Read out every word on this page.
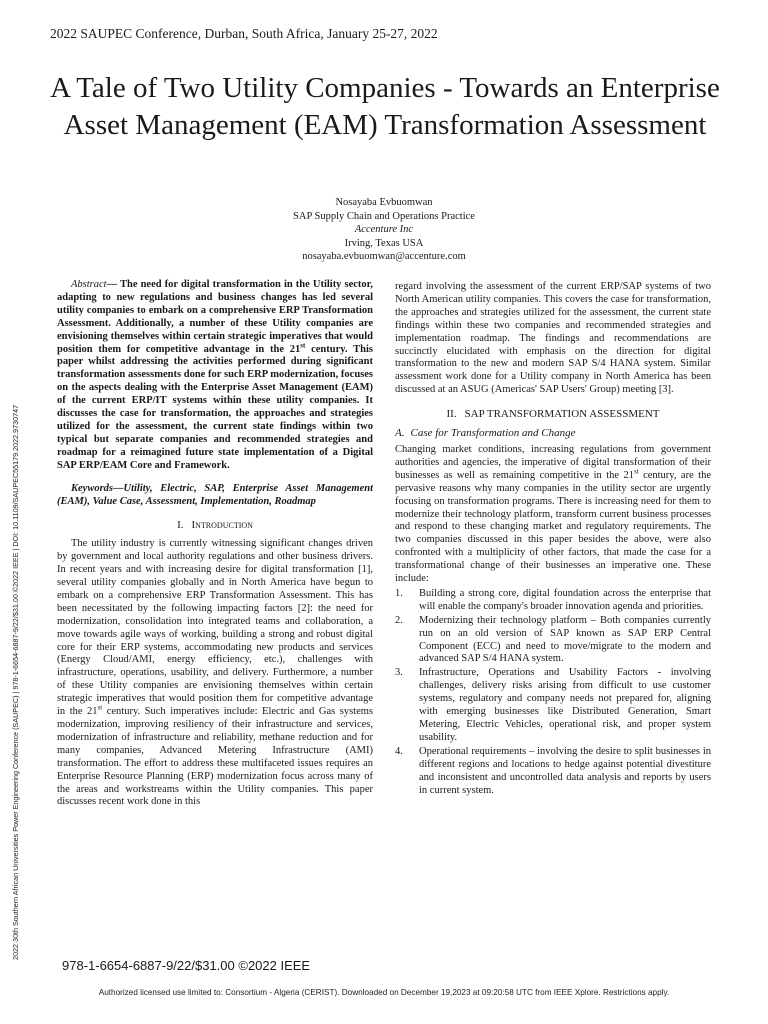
2022 SAUPEC Conference, Durban, South Africa, January 25-27, 2022
A Tale of Two Utility Companies - Towards an Enterprise Asset Management (EAM) Transformation Assessment
Nosayaba Evbuomwan
SAP Supply Chain and Operations Practice
Accenture Inc
Irving, Texas USA
nosayaba.evbuomwan@accenture.com
2022 30th Southern African Universities Power Engineering Conference (SAUPEC) | 978-1-6654-6887-9/22/$31.00 ©2022 IEEE | DOI: 10.1109/SAUPEC55179.2022.9730747

Abstract— The need for digital transformation in the Utility sector, adapting to new regulations and business changes has led several utility companies to embark on a comprehensive ERP Transformation Assessment. Additionally, a number of these Utility companies are envisioning themselves within certain strategic imperatives that would position them for competitive advantage in the 21st century. This paper whilst addressing the activities performed during significant transformation assessments done for such ERP modernization, focuses on the aspects dealing with the Enterprise Asset Management (EAM) of the current ERP/IT systems within these utility companies. It discusses the case for transformation, the approaches and strategies utilized for the assessment, the current state findings within two typical but separate companies and recommended strategies and roadmap for a reimagined future state implementation of a Digital SAP ERP/EAM Core and Framework.

Keywords—Utility, Electric, SAP, Enterprise Asset Management (EAM), Value Case, Assessment, Implementation, Roadmap

I. Introduction

The utility industry is currently witnessing significant changes driven by government and local authority regulations and other business drivers. In recent years and with increasing desire for digital transformation [1], several utility companies globally and in North America have begun to embark on a comprehensive ERP Transformation Assessment. This has been necessitated by the following impacting factors [2]: the need for modernization, consolidation into integrated teams and collaboration, a move towards agile ways of working, building a strong and robust digital core for their ERP systems, accommodating new products and services (Energy Cloud/AMI, energy efficiency, etc.), challenges with infrastructure, operations, usability, and delivery. Furthermore, a number of these Utility companies are envisioning themselves within certain strategic imperatives that would position them for competitive advantage in the 21st century. Such imperatives include: Electric and Gas systems modernization, improving resiliency of their infrastructure and services, modernization of infrastructure and reliability, methane reduction and for many companies, Advanced Metering Infrastructure (AMI) transformation. The effort to address these multifaceted issues requires an Enterprise Resource Planning (ERP) modernization focus across many of the areas and workstreams within the Utility companies. This paper discusses recent work done in this

regard involving the assessment of the current ERP/SAP systems of two North American utility companies. This covers the case for transformation, the approaches and strategies utilized for the assessment, the current state findings within these two companies and recommended strategies and implementation roadmap. The findings and recommendations are succinctly elucidated with emphasis on the direction for digital transformation to the new and modern SAP S/4 HANA system. Similar assessment work done for a Utility company in North America has been discussed at an ASUG (Americas' SAP Users' Group) meeting [3].

II. SAP TRANSFORMATION ASSESSMENT
A. Case for Transformation and Change

Changing market conditions, increasing regulations from government authorities and agencies, the imperative of digital transformation of their businesses as well as remaining competitive in the 21st century, are the pervasive reasons why many companies in the utility sector are urgently focusing on transformation programs. There is increasing need for them to modernize their technology platform, transform current business processes and respond to these changing market and regulatory requirements. The two companies discussed in this paper besides the above, were also confronted with a multiplicity of other factors, that made the case for a transformational change of their businesses an imperative one. These include:

1. Building a strong core, digital foundation across the enterprise that will enable the company's broader innovation agenda and priorities.
2. Modernizing their technology platform – Both companies currently run on an old version of SAP known as SAP ERP Central Component (ECC) and need to move/migrate to the modern and advanced SAP S/4 HANA system.
3. Infrastructure, Operations and Usability Factors - involving challenges, delivery risks arising from difficult to use customer systems, regulatory and company needs not prepared for, aligning with emerging businesses like Distributed Generation, Smart Metering, Electric Vehicles, operational risk, and proper system usability.
4. Operational requirements – involving the desire to split businesses in different regions and locations to hedge against potential divestiture and inconsistent and uncontrolled data analysis and reports by users in current system.
978-1-6654-6887-9/22/$31.00 ©2022 IEEE
Authorized licensed use limited to: Consortium - Algeria (CERIST). Downloaded on December 19,2023 at 09:20:58 UTC from IEEE Xplore. Restrictions apply.
